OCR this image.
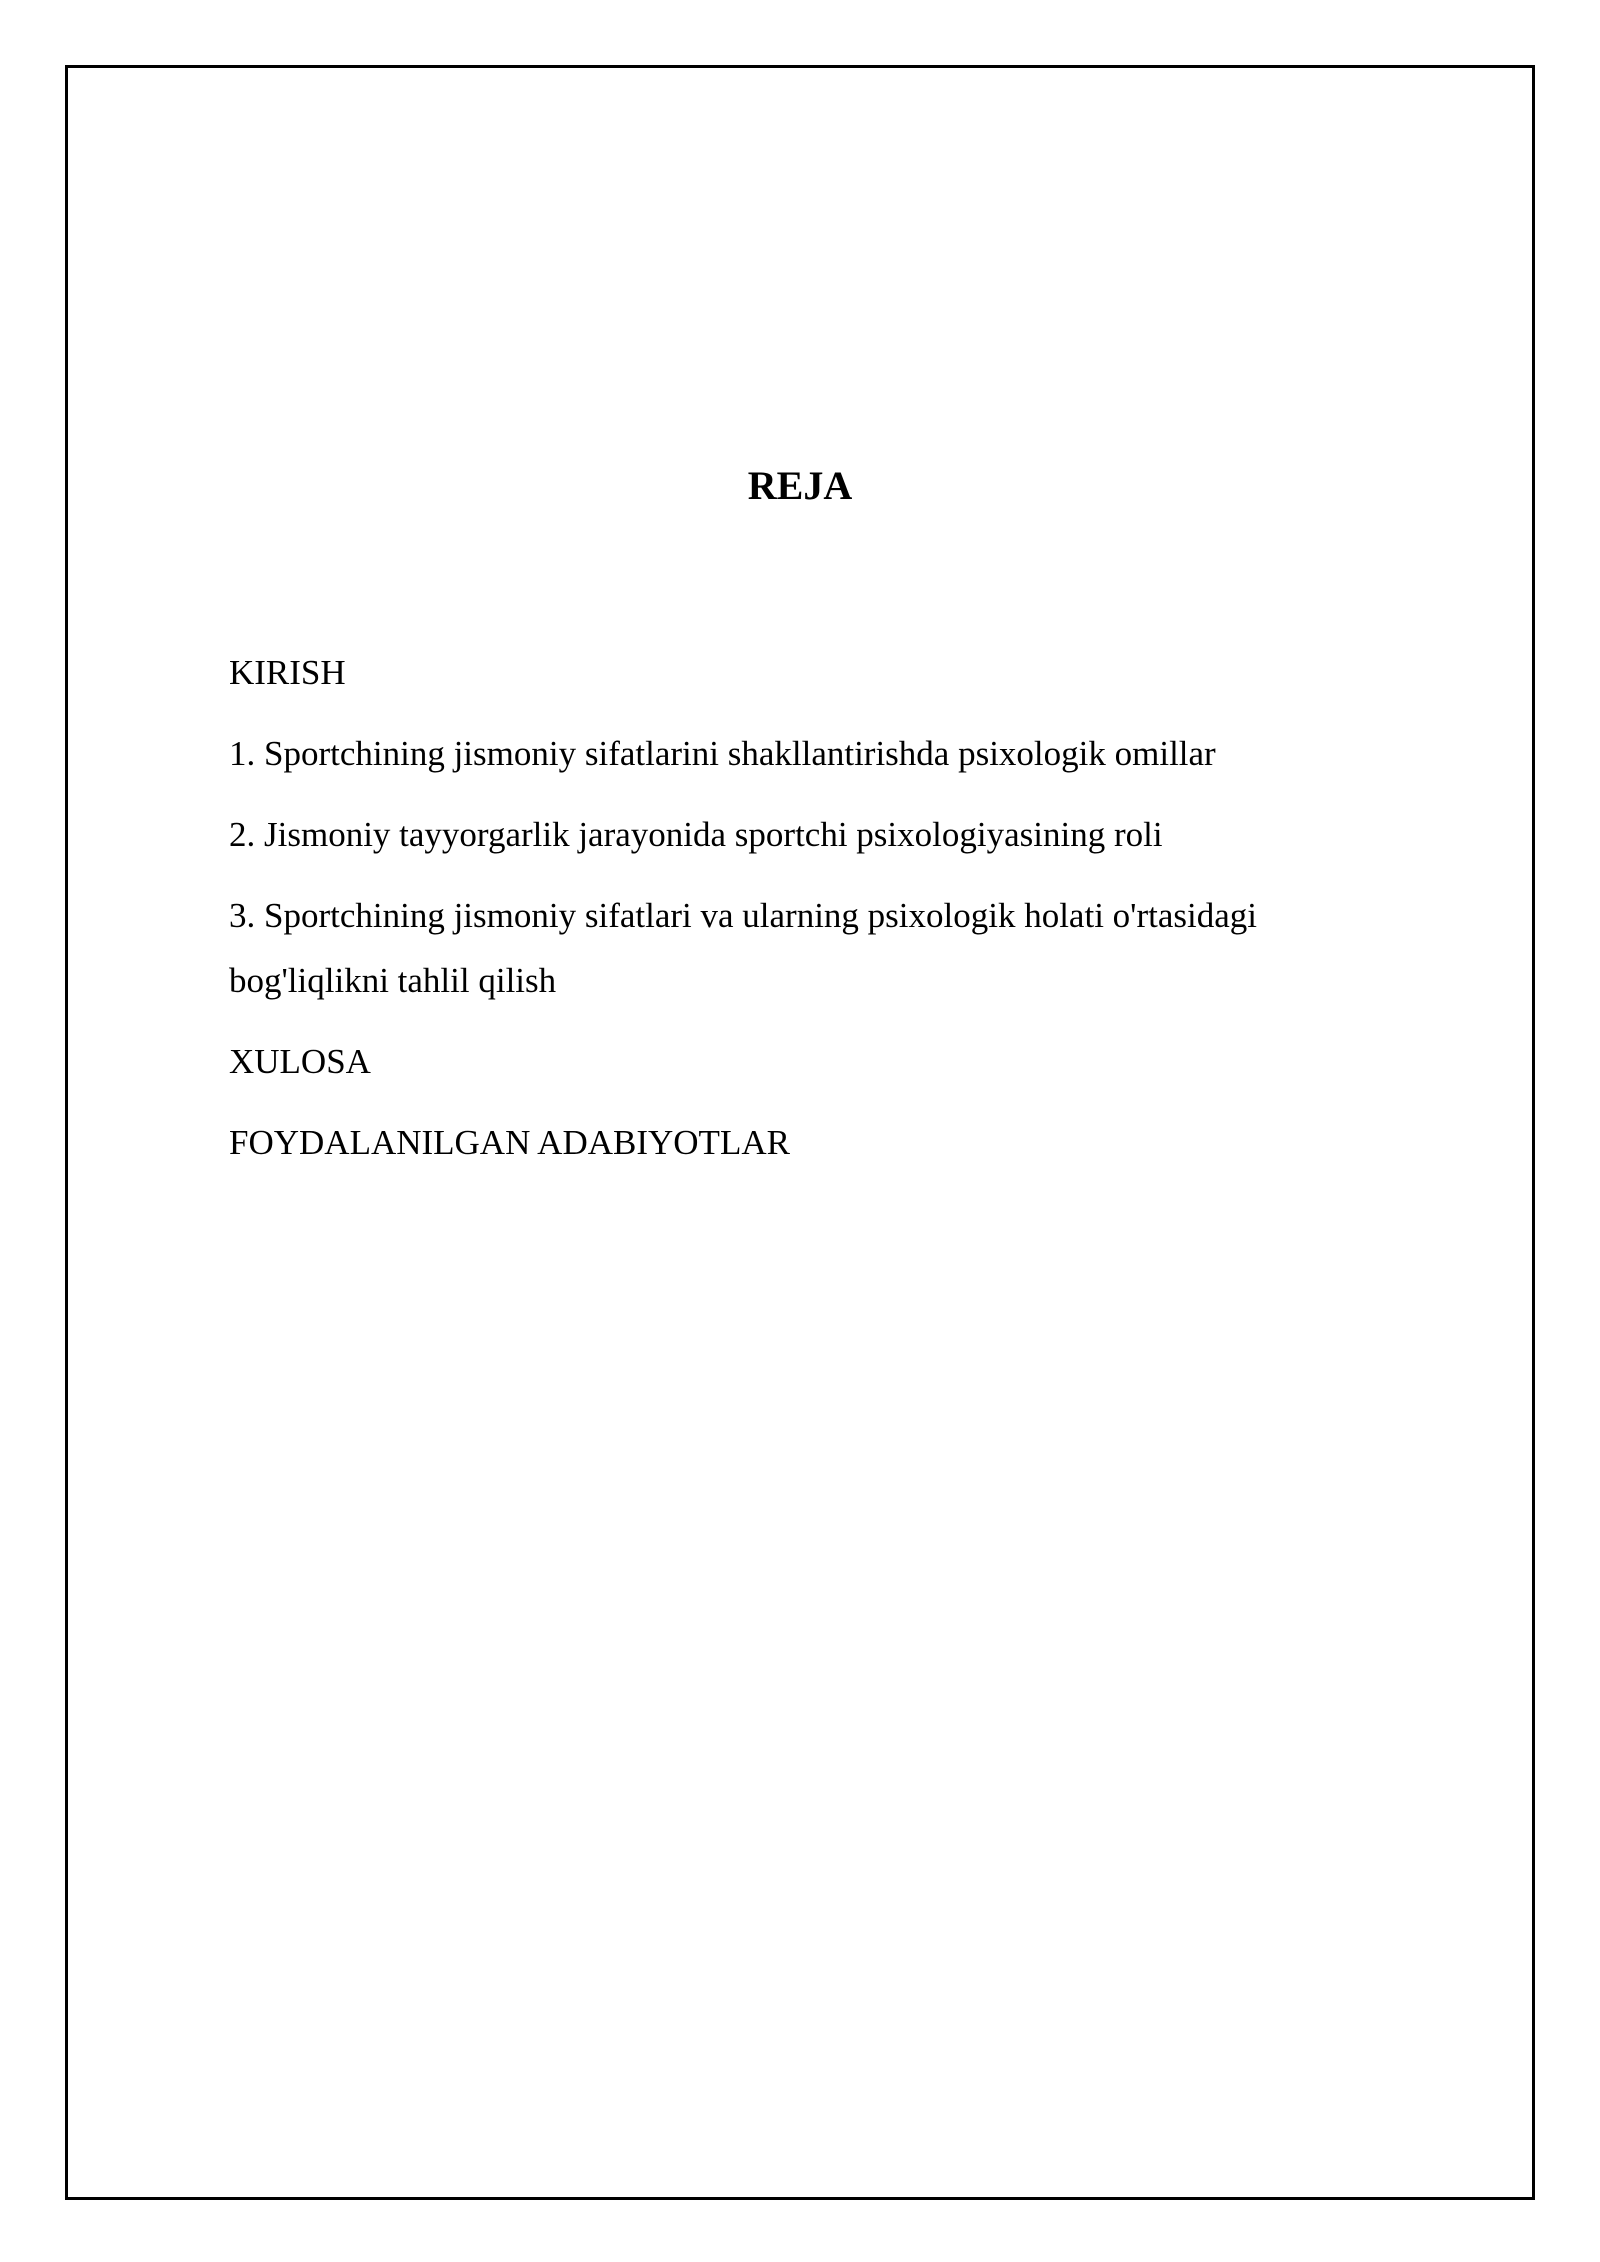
REJA
KIRISH
1. Sportchining jismoniy sifatlarini shakllantirishda psixologik omillar
2. Jismoniy tayyorgarlik jarayonida sportchi psixologiyasining roli
3. Sportchining jismoniy sifatlari va ularning psixologik holati o'rtasidagi bog'liqlikni tahlil qilish
XULOSA
FOYDALANILGAN ADABIYOTLAR
